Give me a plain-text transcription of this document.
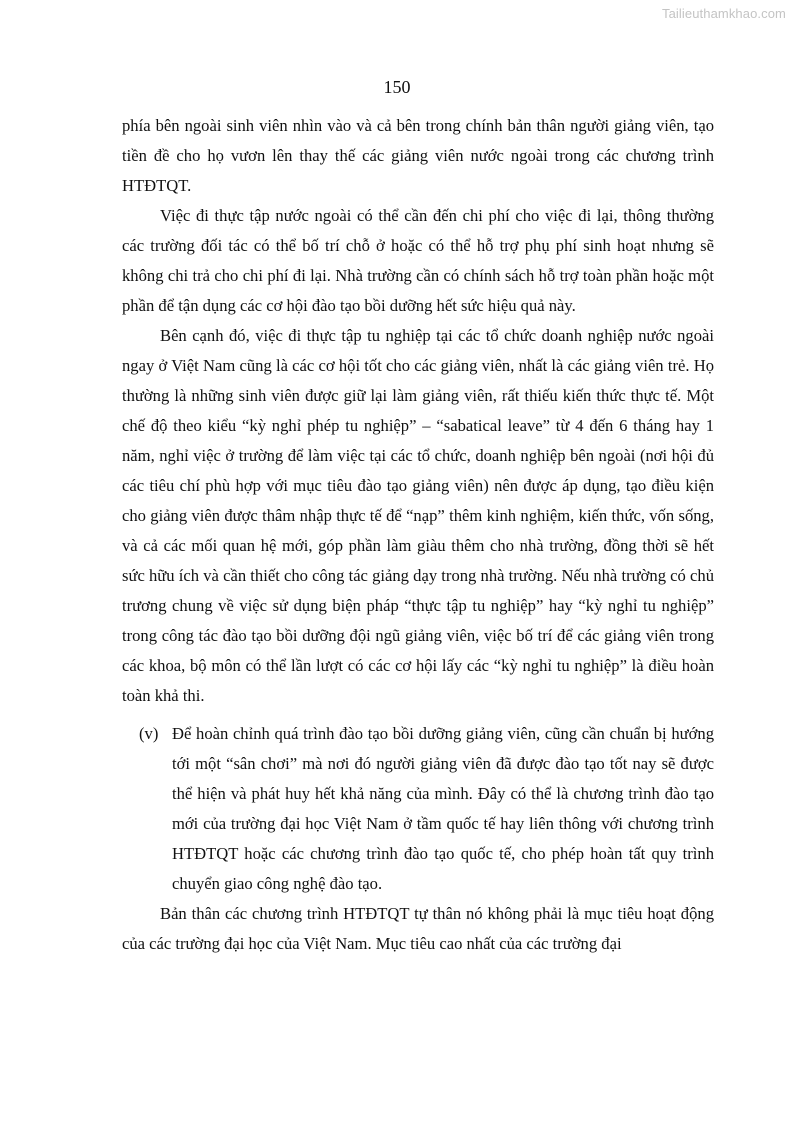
Tailieuthamkhao.com
150

phía bên ngoài sinh viên nhìn vào và cả bên trong chính bản thân người giảng viên, tạo tiền đề cho họ vươn lên thay thế các giảng viên nước ngoài trong các chương trình HTĐTQT.

Việc đi thực tập nước ngoài có thể cần đến chi phí cho việc đi lại, thông thường các trường đối tác có thể bố trí chỗ ở hoặc có thể hỗ trợ phụ phí sinh hoạt nhưng sẽ không chi trả cho chi phí đi lại. Nhà trường cần có chính sách hỗ trợ toàn phần hoặc một phần để tận dụng các cơ hội đào tạo bồi dưỡng hết sức hiệu quả này.

Bên cạnh đó, việc đi thực tập tu nghiệp tại các tổ chức doanh nghiệp nước ngoài ngay ở Việt Nam cũng là các cơ hội tốt cho các giảng viên, nhất là các giảng viên trẻ. Họ thường là những sinh viên được giữ lại làm giảng viên, rất thiếu kiến thức thực tế. Một chế độ theo kiểu “kỳ nghỉ phép tu nghiệp” – “sabatical leave” từ 4 đến 6 tháng hay 1 năm, nghỉ việc ở trường để làm việc tại các tổ chức, doanh nghiệp bên ngoài (nơi hội đủ các tiêu chí phù hợp với mục tiêu đào tạo giảng viên) nên được áp dụng, tạo điều kiện cho giảng viên được thâm nhập thực tế để “nạp” thêm kinh nghiệm, kiến thức, vốn sống, và cả các mối quan hệ mới, góp phần làm giàu thêm cho nhà trường, đồng thời sẽ hết sức hữu ích và cần thiết cho công tác giảng dạy trong nhà trường. Nếu nhà trường có chủ trương chung về việc sử dụng biện pháp “thực tập tu nghiệp” hay “kỳ nghỉ tu nghiệp” trong công tác đào tạo bồi dưỡng đội ngũ giảng viên, việc bố trí để các giảng viên trong các khoa, bộ môn có thể lần lượt có các cơ hội lấy các “kỳ nghỉ tu nghiệp” là điều hoàn toàn khả thi.

(v) Để hoàn chỉnh quá trình đào tạo bồi dưỡng giảng viên, cũng cần chuẩn bị hướng tới một “sân chơi” mà nơi đó người giảng viên đã được đào tạo tốt nay sẽ được thể hiện và phát huy hết khả năng của mình. Đây có thể là chương trình đào tạo mới của trường đại học Việt Nam ở tầm quốc tế hay liên thông với chương trình HTĐTQT hoặc các chương trình đào tạo quốc tế, cho phép hoàn tất quy trình chuyển giao công nghệ đào tạo.

Bản thân các chương trình HTĐTQT tự thân nó không phải là mục tiêu hoạt động của các trường đại học của Việt Nam. Mục tiêu cao nhất của các trường đại
